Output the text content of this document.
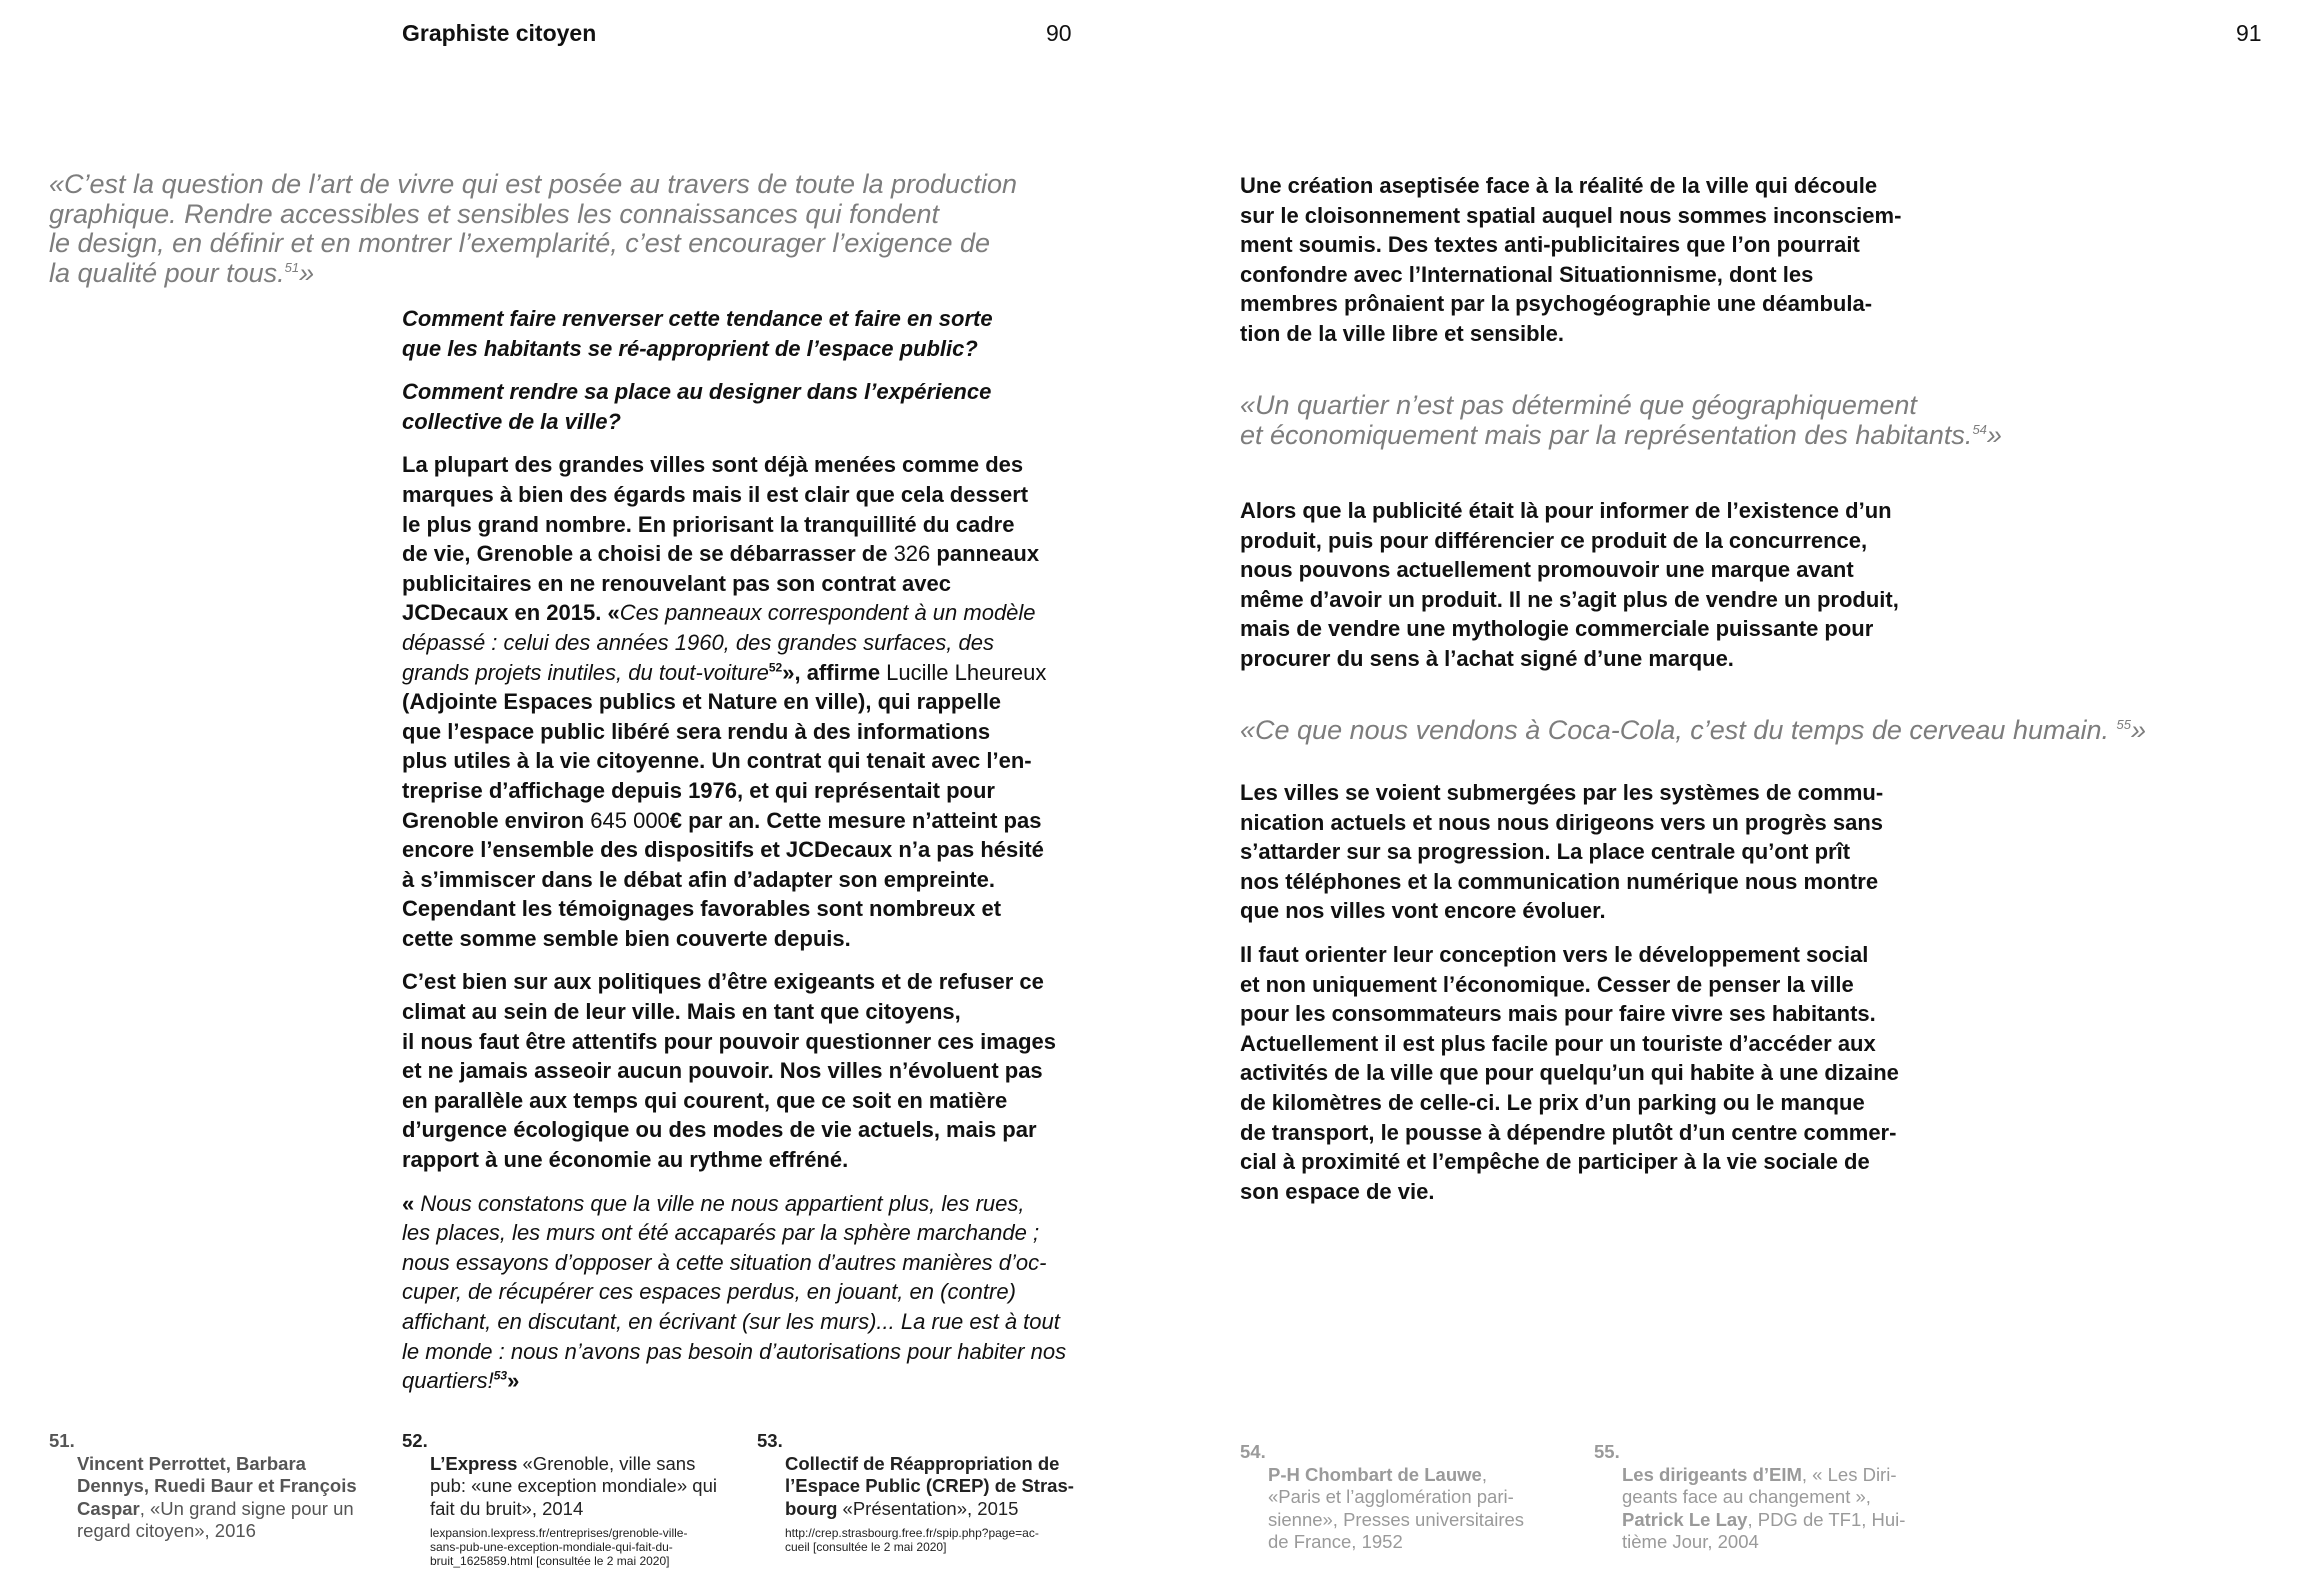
Graphiste citoyen	90	91
«C’est la question de l’art de vivre qui est posée au travers de toute la production
graphique. Rendre accessibles et sensibles les connaissances qui fondent
le design, en définir et en montrer l’exemplarité, c’est encourager l’exigence de
la qualité pour tous.$^{51}$»

Comment faire renverser cette tendance et faire en sorte
que les habitants se ré-approprient de l’espace public?

Comment rendre sa place au designer dans l’expérience
collective de la ville?

La plupart des grandes villes sont déjà menées comme des
marques à bien des égards mais il est clair que cela dessert
le plus grand nombre. En priorisant la tranquillité du cadre
de vie, Grenoble a choisi de se débarrasser de 326 panneaux
publicitaires en ne renouvelant pas son contrat avec
JCDecaux en 2015. «Ces panneaux correspondent à un modèle
dépassé : celui des années 1960, des grandes surfaces, des
grands projets inutiles, du tout-voiture$^{52}$», affirme Lucille Lheureux
(Adjointe Espaces publics et Nature en ville), qui rappelle
que l’espace public libéré sera rendu à des informations
plus utiles à la vie citoyenne. Un contrat qui tenait avec l’en-
treprise d’affichage depuis 1976, et qui représentait pour
Grenoble environ 645 000€ par an. Cette mesure n’atteint pas
encore l’ensemble des dispositifs et JCDecaux n’a pas hésité
à s’immiscer dans le débat afin d’adapter son empreinte.
Cependant les témoignages favorables sont nombreux et
cette somme semble bien couverte depuis.

C’est bien sur aux politiques d’être exigeants et de refuser ce
climat au sein de leur ville. Mais en tant que citoyens,
il nous faut être attentifs pour pouvoir questionner ces images
et ne jamais asseoir aucun pouvoir. Nos villes n’évoluent pas
en parallèle aux temps qui courent, que ce soit en matière
d’urgence écologique ou des modes de vie actuels, mais par
rapport à une économie au rythme effréné.

« Nous constatons que la ville ne nous appartient plus, les rues,
les places, les murs ont été accaparés par la sphère marchande ;
nous essayons d’opposer à cette situation d’autres manières d’oc-
cuper, de récupérer ces espaces perdus, en jouant, en (contre)
affichant, en discutant, en écrivant (sur les murs)... La rue est à tout
le monde : nous n’avons pas besoin d’autorisations pour habiter nos
quartiers!$^{53}$»

Une création aseptisée face à la réalité de la ville qui découle
sur le cloisonnement spatial auquel nous sommes inconsciem-
ment soumis. Des textes anti-publicitaires que l’on pourrait
confondre avec l’International Situationnisme, dont les
membres prônaient par la psychogéographie une déambula-
tion de la ville libre et sensible.

«Un quartier n’est pas déterminé que géographiquement
et économiquement mais par la représentation des habitants.$^{54}$»

Alors que la publicité était là pour informer de l’existence d’un
produit, puis pour différencier ce produit de la concurrence,
nous pouvons actuellement promouvoir une marque avant
même d’avoir un produit. Il ne s’agit plus de vendre un produit,
mais de vendre une mythologie commerciale puissante pour
procurer du sens à l’achat signé d’une marque.

«Ce que nous vendons à Coca-Cola, c’est du temps de cerveau humain. $^{55}$»

Les villes se voient submergées par les systèmes de commu-
nication actuels et nous nous dirigeons vers un progrès sans
s’attarder sur sa progression. La place centrale qu’ont prît
nos téléphones et la communication numérique nous montre
que nos villes vont encore évoluer.

Il faut orienter leur conception vers le développement social
et non uniquement l’économique. Cesser de penser la ville
pour les consommateurs mais pour faire vivre ses habitants.
Actuellement il est plus facile pour un touriste d’accéder aux
activités de la ville que pour quelqu’un qui habite à une dizaine
de kilomètres de celle-ci. Le prix d’un parking ou le manque
de transport, le pousse à dépendre plutôt d’un centre commer-
cial à proximité et l’empêche de participer à la vie sociale de
son espace de vie.

51.
Vincent Perrottet, Barbara
Dennys, Ruedi Baur et François
Caspar, «Un grand signe pour un
regard citoyen», 2016
52.
L’Express «Grenoble, ville sans
pub: «une exception mondiale» qui
fait du bruit», 2014
lexpansion.lexpress.fr/entreprises/grenoble-ville-
sans-pub-une-exception-mondiale-qui-fait-du-
bruit_1625859.html [consultée le 2 mai 2020]
53.
Collectif de Réappropriation de
l’Espace Public (CREP) de Stras-
bourg «Présentation», 2015
http://crep.strasbourg.free.fr/spip.php?page=ac-
cueil [consultée le 2 mai 2020]
54.
P-H Chombart de Lauwe,
«Paris et l’agglomération pari-
sienne», Presses universitaires
de France, 1952
55.
Les dirigeants d’EIM, « Les Diri-
geants face au changement »,
Patrick Le Lay, PDG de TF1, Hui-
tième Jour, 2004
